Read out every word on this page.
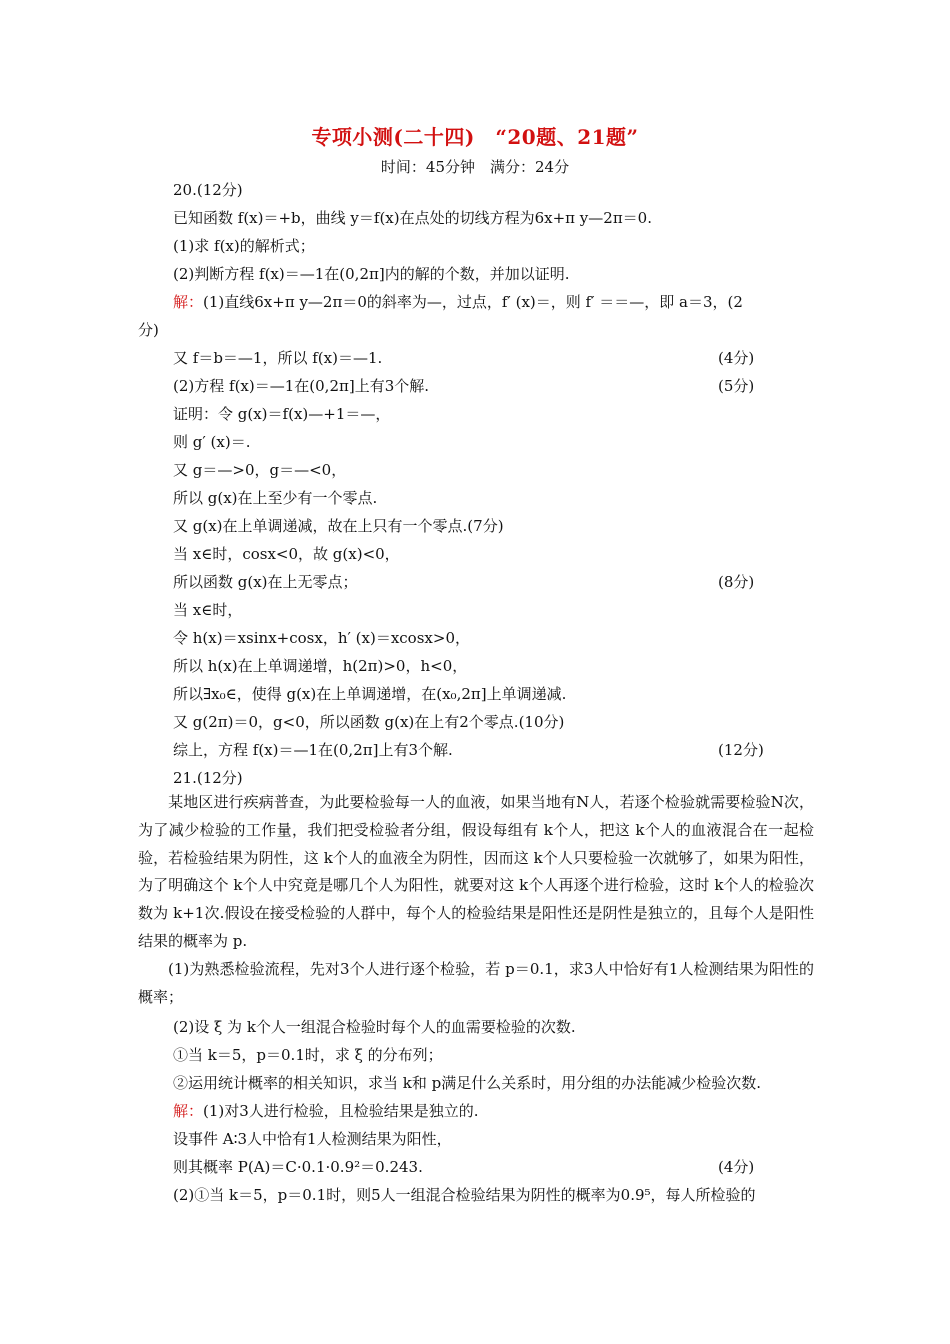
专项小测(二十四)　“20题、21题”
时间：45分钟　满分：24分
20.(12分)
已知函数 f(x)＝+b，曲线 y＝f(x)在点处的切线方程为6x+π y—2π＝0.
(1)求 f(x)的解析式；
(2)判断方程 f(x)＝—1在(0,2π]内的解的个数，并加以证明.
解：(1)直线6x+π y—2π＝0的斜率为—，过点，f′ (x)＝，则 f′ ＝＝—，即 a＝3，(2
分)
又 f＝b＝—1，所以 f(x)＝—1.	(4分)
(2)方程 f(x)＝—1在(0,2π]上有3个解.	(5分)
证明：令 g(x)＝f(x)—+1＝—，
则 g′ (x)＝.
又 g＝—>0，g＝—<0，
所以 g(x)在上至少有一个零点.
又 g(x)在上单调递减，故在上只有一个零点.(7分)
当 x∈时，cosx<0，故 g(x)<0，
所以函数 g(x)在上无零点；	(8分)
当 x∈时，
令 h(x)＝xsinx+cosx，h′ (x)＝xcosx>0，
所以 h(x)在上单调递增，h(2π)>0，h<0，
所以∃x₀∈，使得 g(x)在上单调递增，在(x₀,2π]上单调递减.
又 g(2π)＝0，g<0，所以函数 g(x)在上有2个零点.(10分)
综上，方程 f(x)＝—1在(0,2π]上有3个解.	(12分)
21.(12分)
某地区进行疾病普查，为此要检验每一人的血液，如果当地有N人，若逐个检验就需要检验N次，为了减少检验的工作量，我们把受检验者分组，假设每组有 k个人，把这 k个人的血液混合在一起检验，若检验结果为阴性，这 k个人的血液全为阴性，因而这 k个人只要检验一次就够了，如果为阳性，为了明确这个 k个人中究竟是哪几个人为阳性，就要对这 k个人再逐个进行检验，这时 k个人的检验次数为 k+1次.假设在接受检验的人群中，每个人的检验结果是阳性还是阴性是独立的，且每个人是阳性结果的概率为 p.
(1)为熟悉检验流程，先对3个人进行逐个检验，若 p＝0.1，求3人中恰好有1人检测结果为阳性的概率；
(2)设 ξ 为 k个人一组混合检验时每个人的血需要检验的次数.
①当 k＝5，p＝0.1时，求 ξ 的分布列；
②运用统计概率的相关知识，求当 k和 p满足什么关系时，用分组的办法能减少检验次数.
解：(1)对3人进行检验，且检验结果是独立的.
设事件 A∶3人中恰有1人检测结果为阳性，
则其概率 P(A)＝C·0.1·0.9²＝0.243.	(4分)
(2)①当 k＝5，p＝0.1时，则5人一组混合检验结果为阴性的概率为0.9⁵，每人所检验的
